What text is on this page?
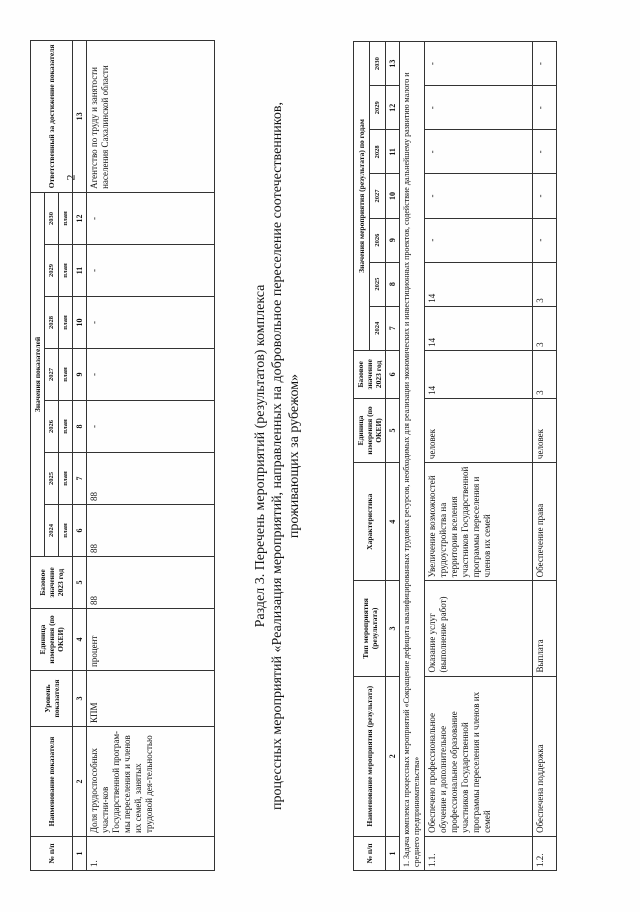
2
№ п/п	Наименование показателя	Уровень показателя	Единица измерения (по ОКЕИ)	Базовое значение 2023 год	Значения показателей							Ответственный за достижение показателя
					2024	2025	2026	2027	2028	2029	2030	
					план	план	план	план	план	план	план	
1	2	3	4	5	6	7	8	9	10	11	12	13
1.	Доля трудоспособных участни-ков Государственной програм-мы переселения и членов их семей, занятых трудовой дея-тельностью	КПМ	процент	88	88	88	-	-	-	-	-	Агентство по труду и занятости населения Сахалинской области
Раздел 3. Перечень мероприятий (результатов) комплекса процессных мероприятий «Реализация мероприятий, направленных на добровольное переселение соотечественников, проживающих за рубежом»
№ п/п	Наименование мероприятия (результата)	Тип мероприятия (результата)	Характеристика	Единица измерения (по ОКЕИ)	Базовое значение 2023 год	Значения мероприятия (результата) по годам						
						2024	2025	2026	2027	2028	2029	2030
1	2	3	4	5	6	7	8	9	10	11	12	13
1. Задача комплекса процессных мероприятий «Сокращение дефицита квалифицированных трудовых ресурсов, необходимых для реализации экономических и инвестиционных проектов, содействие дальнейшему развитию малого и среднего предпринимательства»												
1.1.	Обеспечено профессиональное обучение и дополнительное профессиональное образование участников Государственной программы переселения и членов их семей	Оказание услуг (выполнение работ)	Увеличение возможностей трудоустройства на территории вселения участников Государственной программы переселения и членов их семей	человек	14	14	14	-	-	-	-	-
1.2.	Обеспечена поддержка	Выплата	Обеспечение права	человек	3	3	3	-	-	-	-	-
